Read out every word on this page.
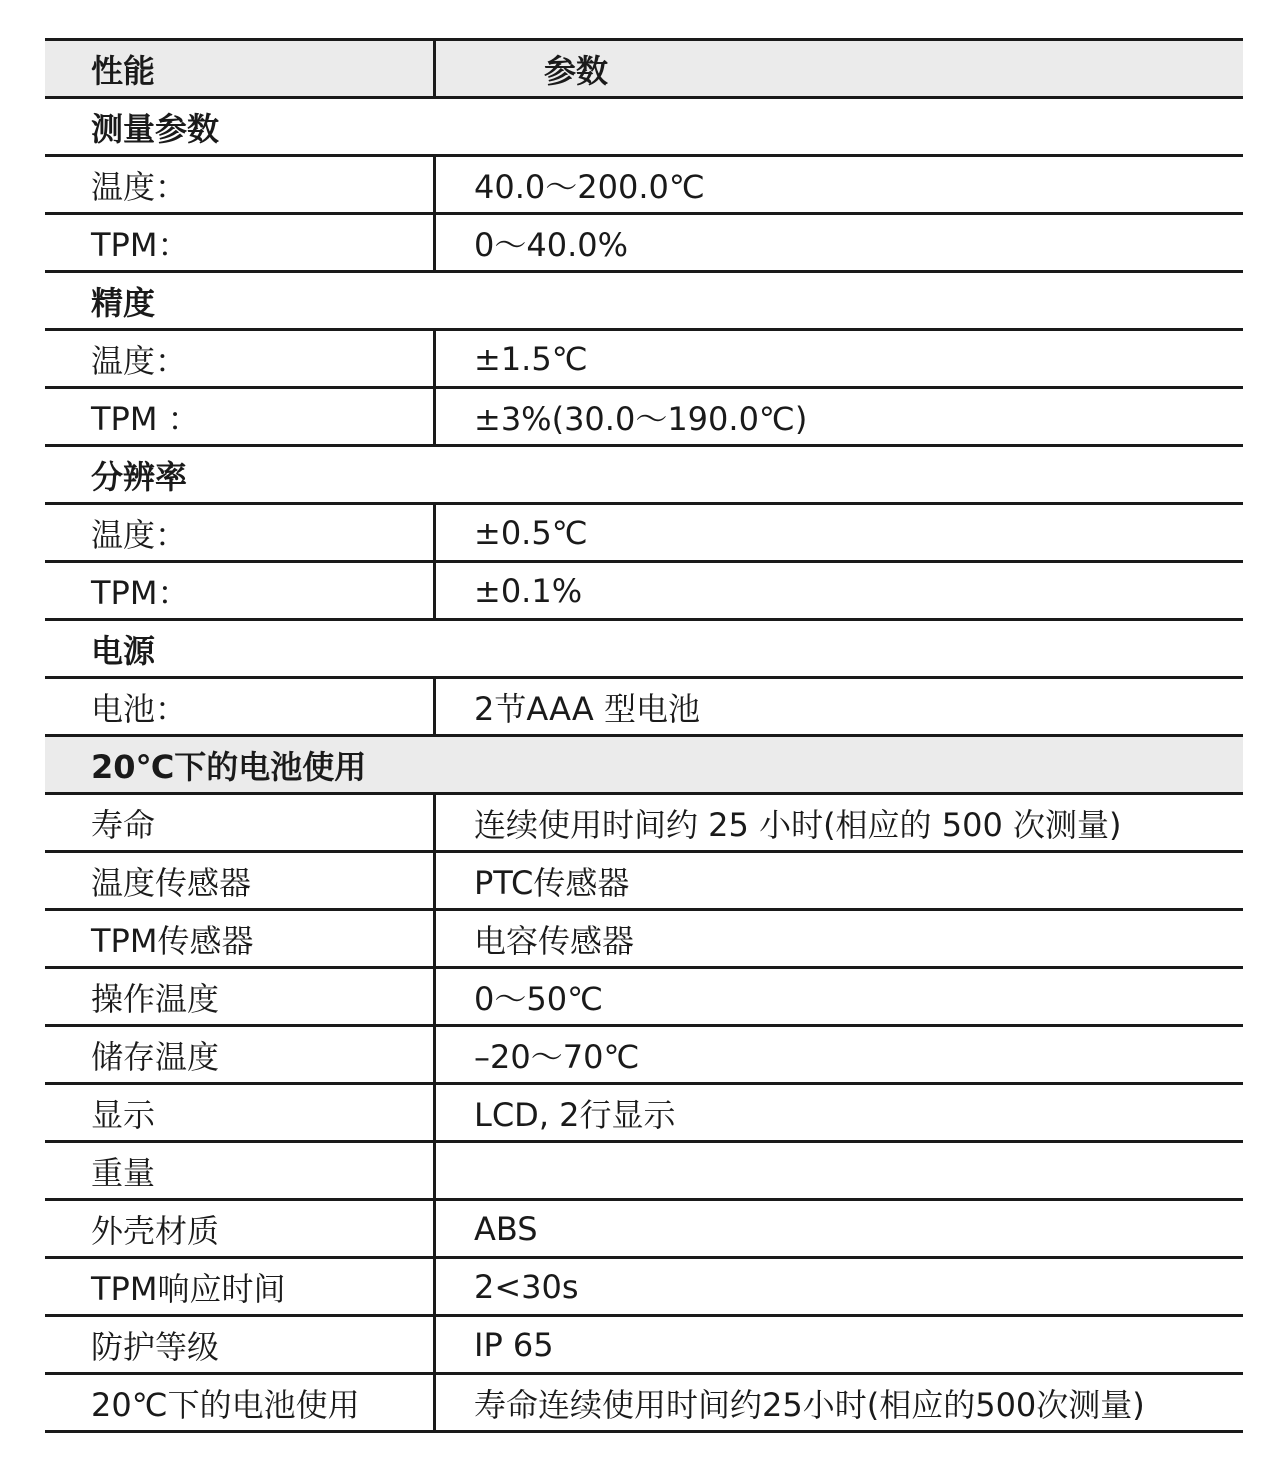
性能	参数
测量参数
温度：	40.0～200.0℃
TPM：	0～40.0%
精度
温度：	±1.5℃
TPM ：	±3%(30.0～190.0℃)
分辨率
温度：	±0.5℃
TPM：	±0.1%
电源
电池：	2节AAA 型电池
20℃下的电池使用
寿命	连续使用时间约 25 小时(相应的 500 次测量)
温度传感器	PTC传感器
TPM传感器	电容传感器
操作温度	0～50℃
储存温度	–20～70℃
显示	LCD, 2行显示
重量
外壳材质	ABS
TPM响应时间	2<30s
防护等级	IP 65
20℃下的电池使用	寿命连续使用时间约25小时(相应的500次测量)
